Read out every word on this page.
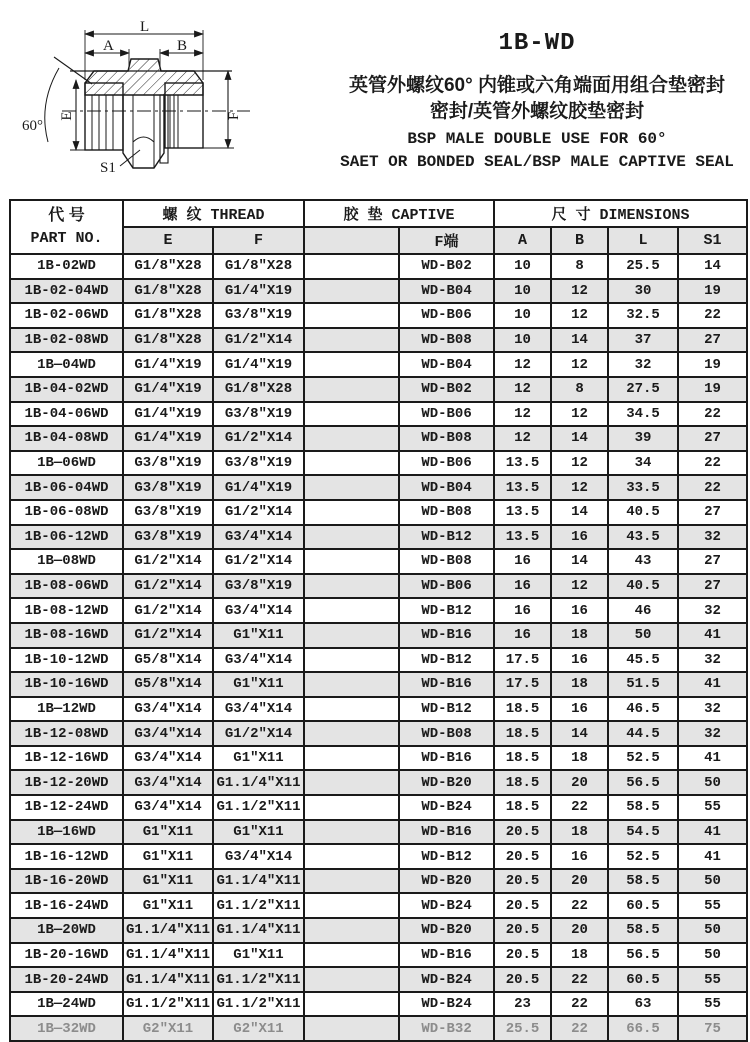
L
A	B
60°
E	F
S1
1B-WD
英管外螺纹60° 内锥或六角端面用组合垫密封
密封/英管外螺纹胶垫密封
BSP MALE DOUBLE USE FOR 60°
SAET OR BONDED SEAL/BSP MALE CAPTIVE SEAL
代 号
PART NO.	螺 纹 THREAD		胶 垫 CAPTIVE		尺 寸 DIMENSIONS			
	E	F		F端	A	B	L	S1
1B-02WD	G1/8″X28	G1/8″X28		WD-B02	10	8	25.5	14
1B-02-04WD	G1/8″X28	G1/4″X19		WD-B04	10	12	30	19
1B-02-06WD	G1/8″X28	G3/8″X19		WD-B06	10	12	32.5	22
1B-02-08WD	G1/8″X28	G1/2″X14		WD-B08	10	14	37	27
1B—04WD	G1/4″X19	G1/4″X19		WD-B04	12	12	32	19
1B-04-02WD	G1/4″X19	G1/8″X28		WD-B02	12	8	27.5	19
1B-04-06WD	G1/4″X19	G3/8″X19		WD-B06	12	12	34.5	22
1B-04-08WD	G1/4″X19	G1/2″X14		WD-B08	12	14	39	27
1B—06WD	G3/8″X19	G3/8″X19		WD-B06	13.5	12	34	22
1B-06-04WD	G3/8″X19	G1/4″X19		WD-B04	13.5	12	33.5	22
1B-06-08WD	G3/8″X19	G1/2″X14		WD-B08	13.5	14	40.5	27
1B-06-12WD	G3/8″X19	G3/4″X14		WD-B12	13.5	16	43.5	32
1B—08WD	G1/2″X14	G1/2″X14		WD-B08	16	14	43	27
1B-08-06WD	G1/2″X14	G3/8″X19		WD-B06	16	12	40.5	27
1B-08-12WD	G1/2″X14	G3/4″X14		WD-B12	16	16	46	32
1B-08-16WD	G1/2″X14	G1″X11		WD-B16	16	18	50	41
1B-10-12WD	G5/8″X14	G3/4″X14		WD-B12	17.5	16	45.5	32
1B-10-16WD	G5/8″X14	G1″X11		WD-B16	17.5	18	51.5	41
1B—12WD	G3/4″X14	G3/4″X14		WD-B12	18.5	16	46.5	32
1B-12-08WD	G3/4″X14	G1/2″X14		WD-B08	18.5	14	44.5	32
1B-12-16WD	G3/4″X14	G1″X11		WD-B16	18.5	18	52.5	41
1B-12-20WD	G3/4″X14	G1.1/4″X11		WD-B20	18.5	20	56.5	50
1B-12-24WD	G3/4″X14	G1.1/2″X11		WD-B24	18.5	22	58.5	55
1B—16WD	G1″X11	G1″X11		WD-B16	20.5	18	54.5	41
1B-16-12WD	G1″X11	G3/4″X14		WD-B12	20.5	16	52.5	41
1B-16-20WD	G1″X11	G1.1/4″X11		WD-B20	20.5	20	58.5	50
1B-16-24WD	G1″X11	G1.1/2″X11		WD-B24	20.5	22	60.5	55
1B—20WD	G1.1/4″X11	G1.1/4″X11		WD-B20	20.5	20	58.5	50
1B-20-16WD	G1.1/4″X11	G1″X11		WD-B16	20.5	18	56.5	50
1B-20-24WD	G1.1/4″X11	G1.1/2″X11		WD-B24	20.5	22	60.5	55
1B—24WD	G1.1/2″X11	G1.1/2″X11		WD-B24	23	22	63	55
1B—32WD	G2″X11	G2″X11		WD-B32	25.5	22	66.5	75
